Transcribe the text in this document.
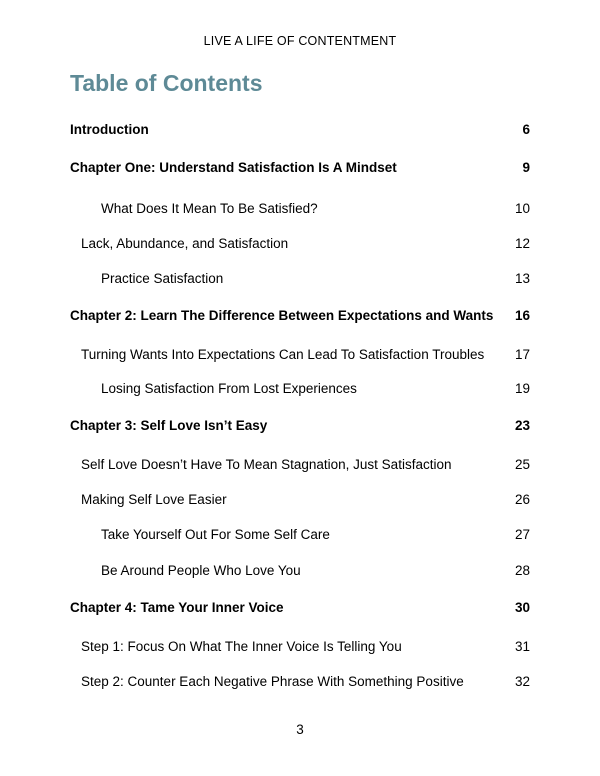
LIVE A LIFE OF CONTENTMENT
Table of Contents
Introduction	6
Chapter One: Understand Satisfaction Is A Mindset	9
What Does It Mean To Be Satisfied?	10
Lack, Abundance, and Satisfaction	12
Practice Satisfaction	13
Chapter 2: Learn The Difference Between Expectations and Wants 16
Turning Wants Into Expectations Can Lead To Satisfaction Troubles 17
Losing Satisfaction From Lost Experiences	19
Chapter 3: Self Love Isn’t Easy	23
Self Love Doesn’t Have To Mean Stagnation, Just Satisfaction	25
Making Self Love Easier	26
Take Yourself Out For Some Self Care	27
Be Around People Who Love You	28
Chapter 4: Tame Your Inner Voice	30
Step 1: Focus On What The Inner Voice Is Telling You	31
Step 2: Counter Each Negative Phrase With Something Positive	32
3
